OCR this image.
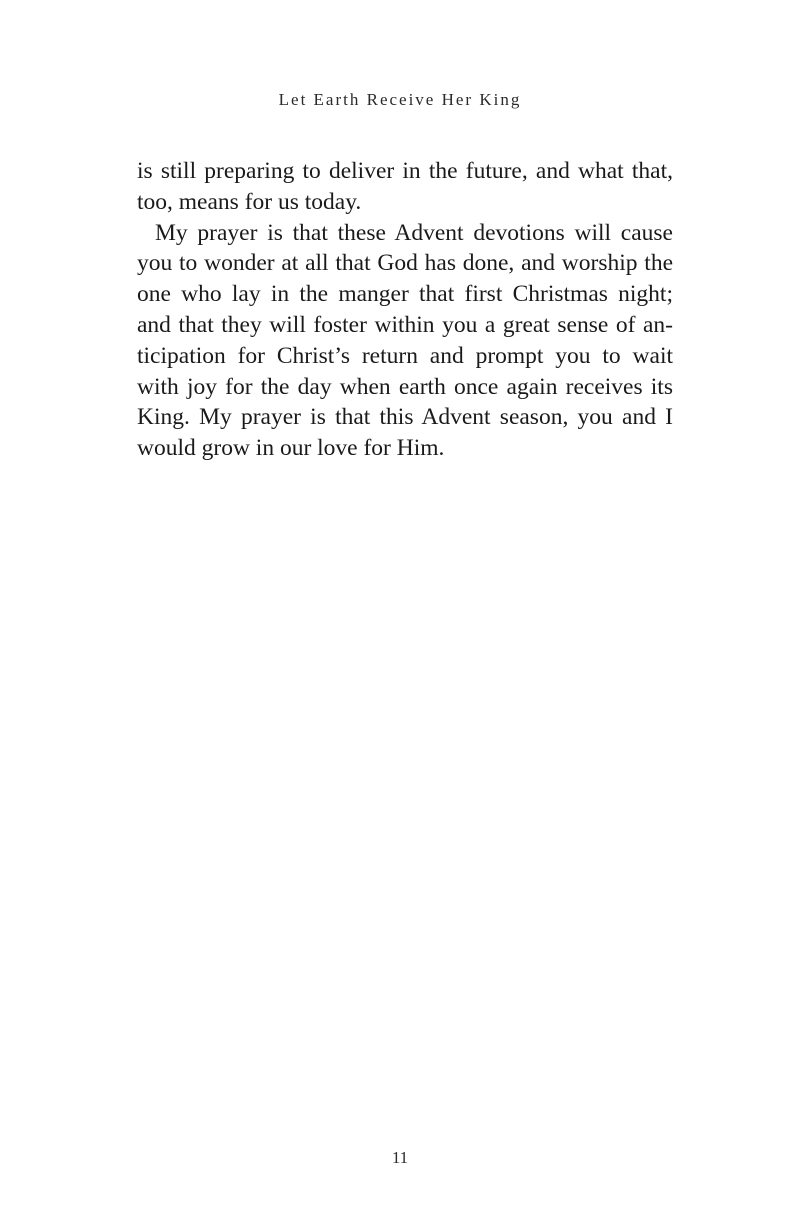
Let Earth Receive Her King
is still preparing to deliver in the future, and what that,
too, means for us today.
My prayer is that these Advent devotions will cause
you to wonder at all that God has done, and worship the
one who lay in the manger that first Christmas night;
and that they will foster within you a great sense of an-
ticipation for Christ’s return and prompt you to wait
with joy for the day when earth once again receives its
King. My prayer is that this Advent season, you and I
would grow in our love for Him.
11
